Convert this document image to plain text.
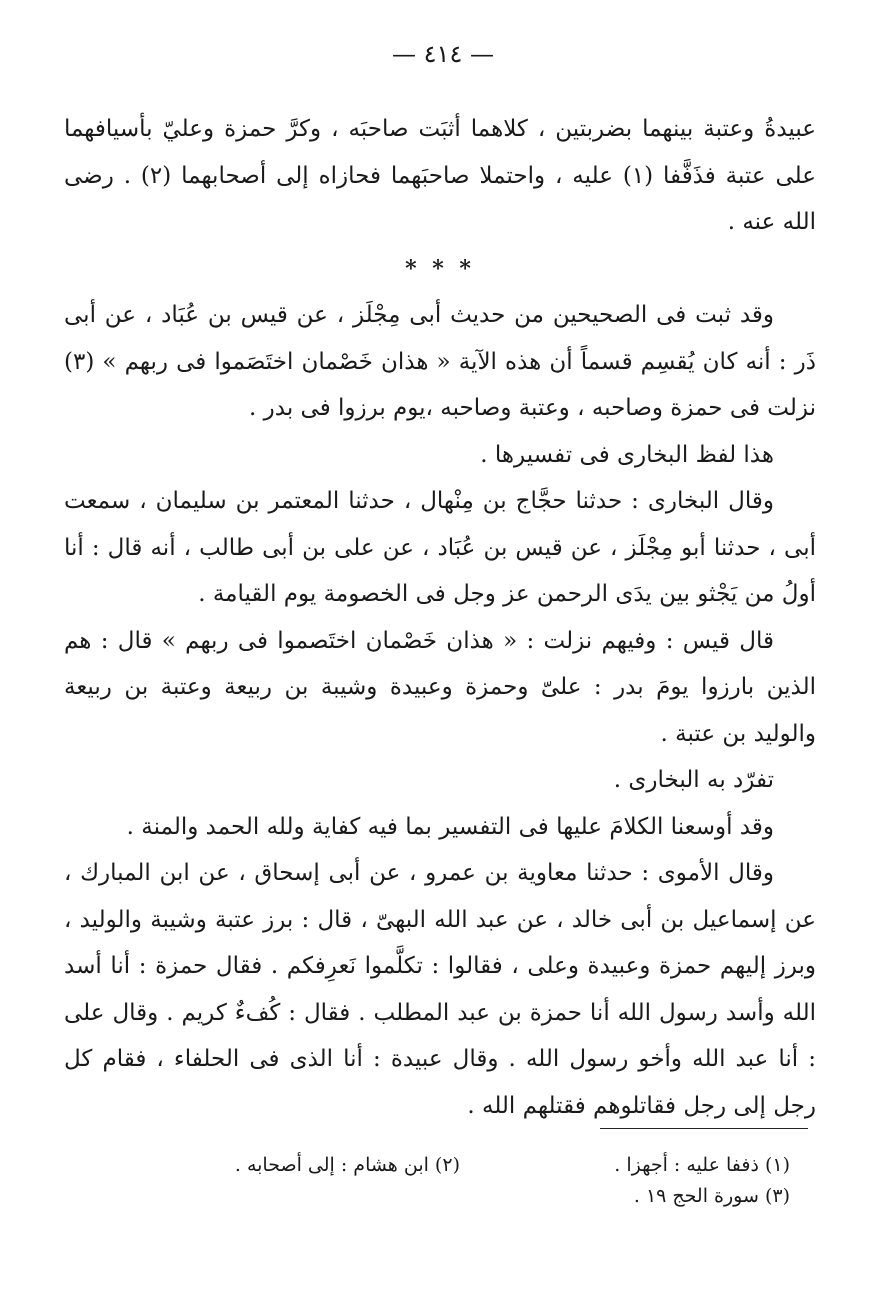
— ٤١٤ —

عبيدةُ وعتبة بينهما بضربتين ، كلاهما أثبَت صاحبَه ، وكرَّ حمزة وعليّ بأسيافهما على عتبة فذَفَّفا (١) عليه ، واحتملا صاحبَهما فحازاه إلى أصحابهما (٢) . رضى الله عنه .

* * *

وقد ثبت فى الصحيحين من حديث أبى مِجْلَز ، عن قيس بن عُبَاد ، عن أبى ذَر : أنه كان يُقسِم قسماً أن هذه الآية « هذان خَصْمان اختَصَموا فى ربهم » (٣) نزلت فى حمزة وصاحبه ، وعتبة وصاحبه ،يوم برزوا فى بدر .

هذا لفظ البخارى فى تفسيرها .

وقال البخارى : حدثنا حجَّاج بن مِنْهال ، حدثنا المعتمر بن سليمان ، سمعت أبى ، حدثنا أبو مِجْلَز ، عن قيس بن عُبَاد ، عن على بن أبى طالب ، أنه قال : أنا أولُ من يَجْثو بين يدَى الرحمن عز وجل فى الخصومة يوم القيامة .

قال قيس : وفيهم نزلت : « هذان خَصْمان اختَصموا فى ربهم » قال : هم الذين بارزوا يومَ بدر : علىّ وحمزة وعبيدة وشيبة بن ربيعة وعتبة بن ربيعة والوليد بن عتبة .

تفرّد به البخارى .

وقد أوسعنا الكلامَ عليها فى التفسير بما فيه كفاية ولله الحمد والمنة .

وقال الأموى : حدثنا معاوية بن عمرو ، عن أبى إسحاق ، عن ابن المبارك ، عن إسماعيل بن أبى خالد ، عن عبد الله البهىّ ، قال : برز عتبة وشيبة والوليد ، وبرز إليهم حمزة وعبيدة وعلى ، فقالوا : تكلَّموا نَعرِفكم . فقال حمزة : أنا أسد الله وأسد رسول الله أنا حمزة بن عبد المطلب . فقال : كُفءٌ كريم . وقال على : أنا عبد الله وأخو رسول الله . وقال عبيدة : أنا الذى فى الحلفاء ، فقام كل رجل إلى رجل فقاتلوهم فقتلهم الله .

(١) ذففا عليه : أجهزا .
(٢) ابن هشام : إلى أصحابه .
(٣) سورة الحج ١٩ .
